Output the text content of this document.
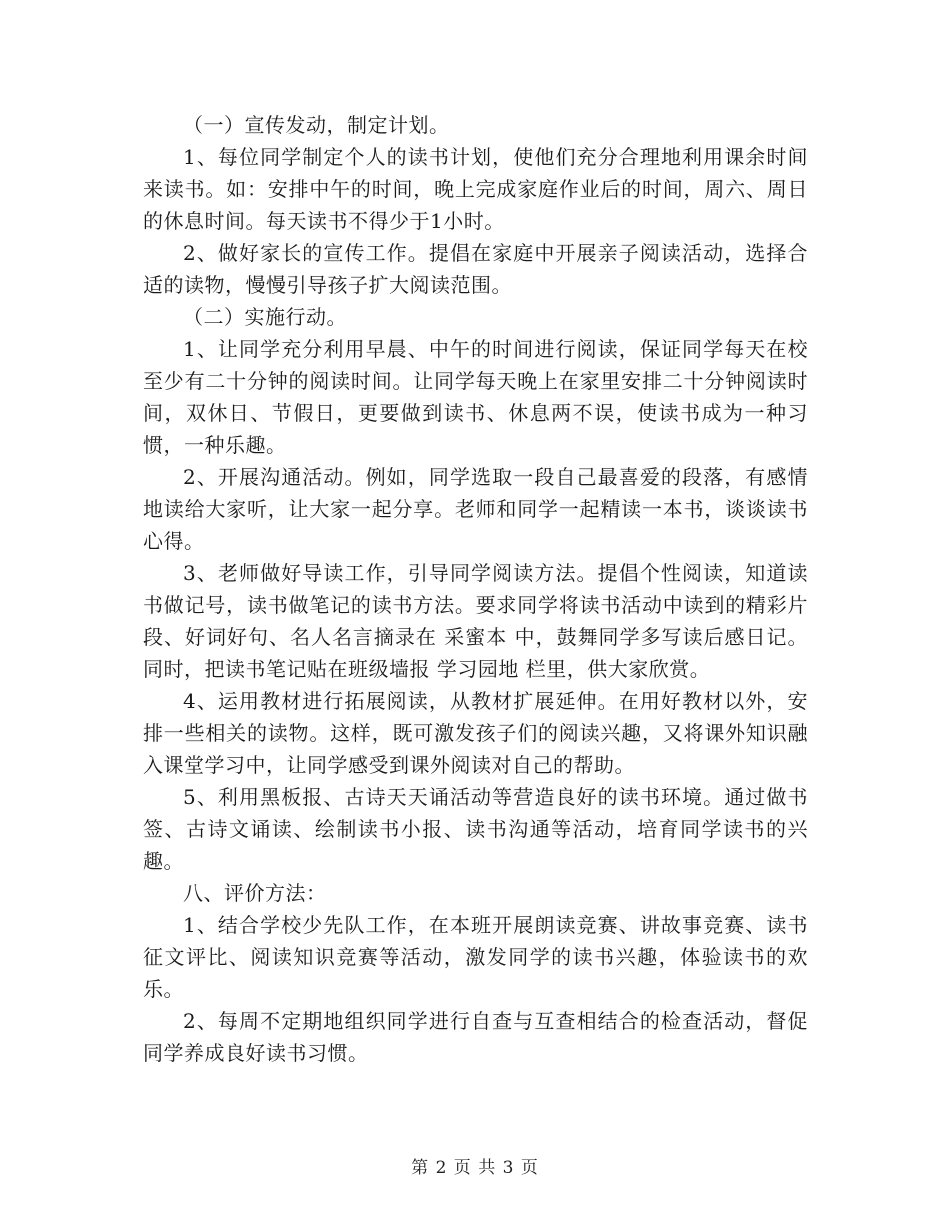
（一）宣传发动，制定计划。

1、每位同学制定个人的读书计划，使他们充分合理地利用课余时间来读书。如：安排中午的时间，晚上完成家庭作业后的时间，周六、周日的休息时间。每天读书不得少于1小时。

2、做好家长的宣传工作。提倡在家庭中开展亲子阅读活动，选择合适的读物，慢慢引导孩子扩大阅读范围。

（二）实施行动。

1、让同学充分利用早晨、中午的时间进行阅读，保证同学每天在校至少有二十分钟的阅读时间。让同学每天晚上在家里安排二十分钟阅读时间，双休日、节假日，更要做到读书、休息两不误，使读书成为一种习惯，一种乐趣。

2、开展沟通活动。例如，同学选取一段自己最喜爱的段落，有感情地读给大家听，让大家一起分享。老师和同学一起精读一本书，谈谈读书心得。

3、老师做好导读工作，引导同学阅读方法。提倡个性阅读，知道读书做记号，读书做笔记的读书方法。要求同学将读书活动中读到的精彩片段、好词好句、名人名言摘录在 采蜜本 中，鼓舞同学多写读后感日记。同时，把读书笔记贴在班级墙报 学习园地 栏里，供大家欣赏。

4、运用教材进行拓展阅读，从教材扩展延伸。在用好教材以外，安排一些相关的读物。这样，既可激发孩子们的阅读兴趣，又将课外知识融入课堂学习中，让同学感受到课外阅读对自己的帮助。

5、利用黑板报、古诗天天诵活动等营造良好的读书环境。通过做书签、古诗文诵读、绘制读书小报、读书沟通等活动，培育同学读书的兴趣。

八、评价方法：

1、结合学校少先队工作，在本班开展朗读竞赛、讲故事竞赛、读书征文评比、阅读知识竞赛等活动，激发同学的读书兴趣，体验读书的欢乐。

2、每周不定期地组织同学进行自查与互查相结合的检查活动，督促同学养成良好读书习惯。

第 2 页 共 3 页
